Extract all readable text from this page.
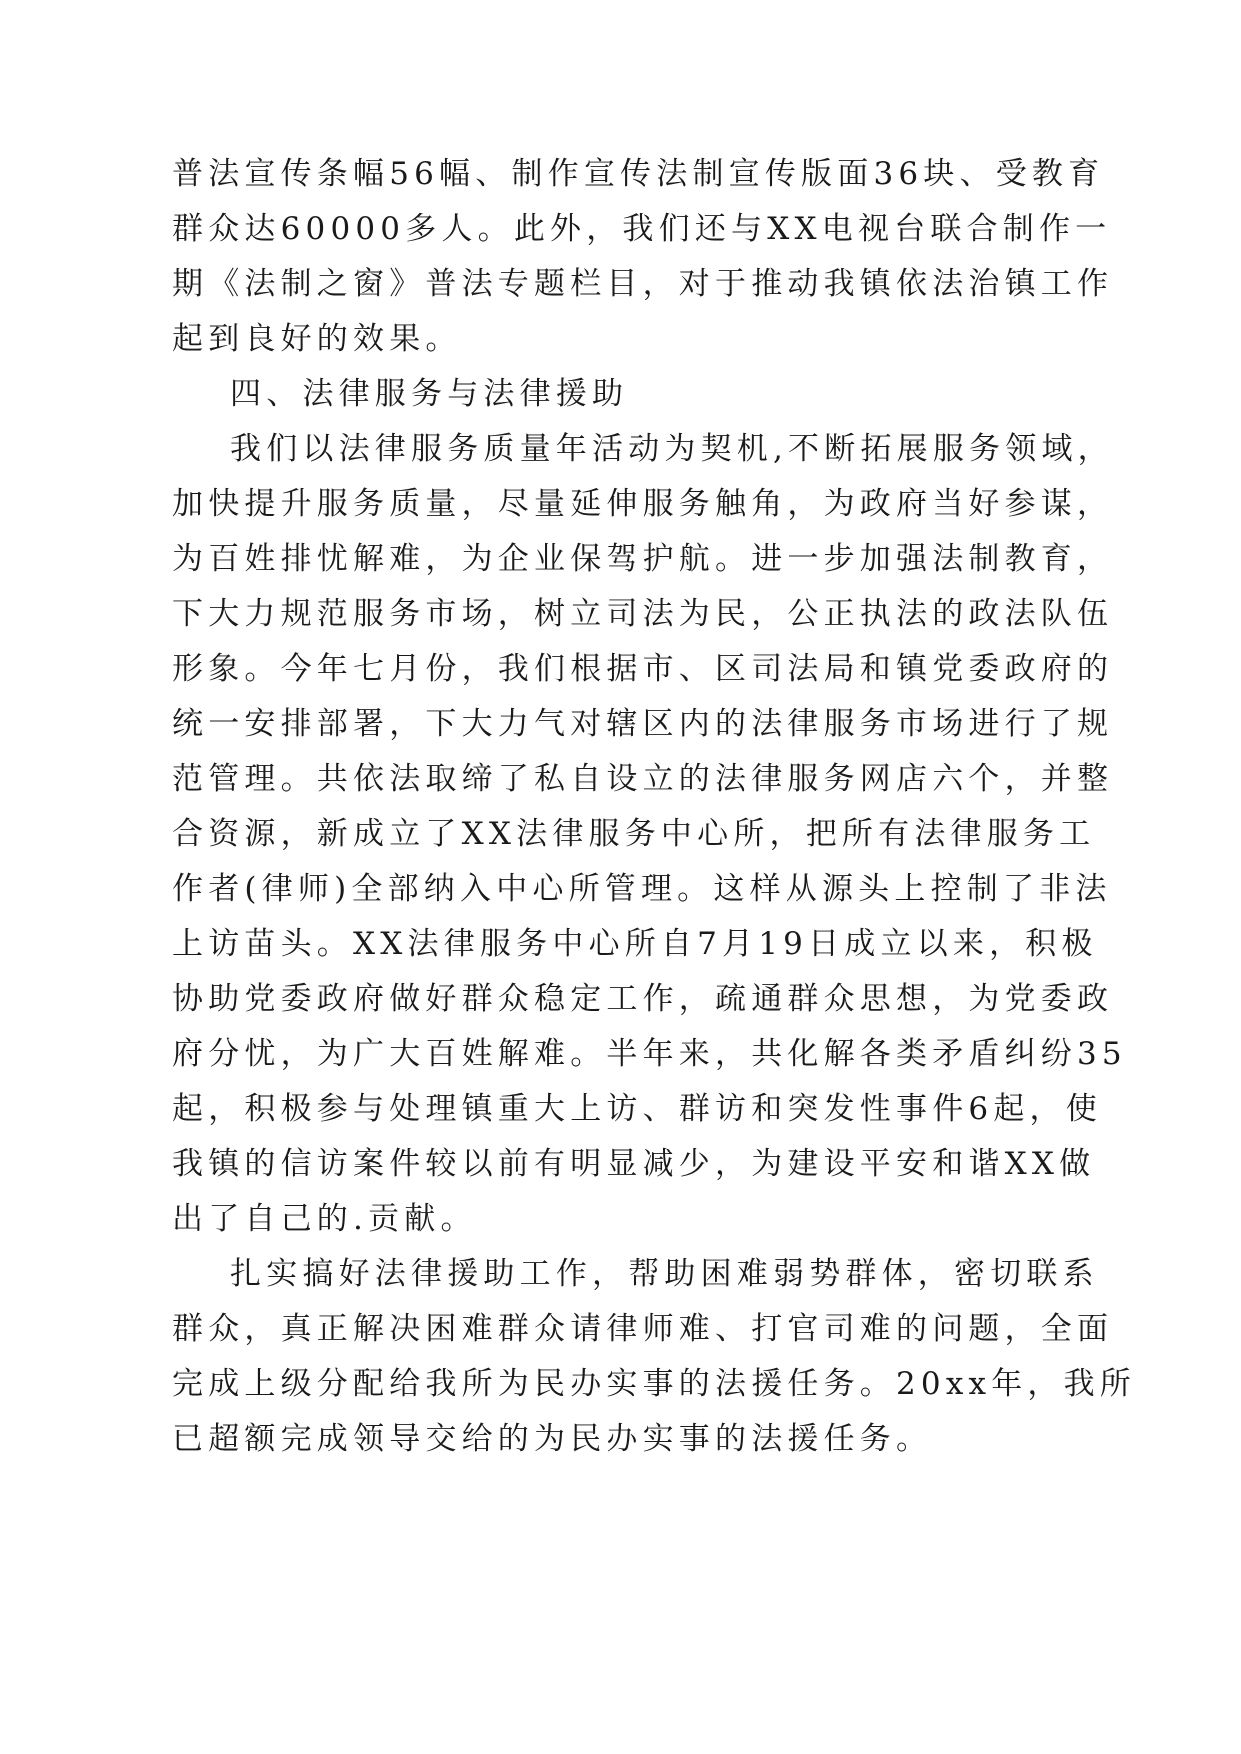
普法宣传条幅56幅、制作宣传法制宣传版面36块、受教育
群众达60000多人。此外，我们还与XX电视台联合制作一
期《法制之窗》普法专题栏目，对于推动我镇依法治镇工作
起到良好的效果。
四、法律服务与法律援助
我们以法律服务质量年活动为契机,不断拓展服务领域，
加快提升服务质量，尽量延伸服务触角，为政府当好参谋，
为百姓排忧解难，为企业保驾护航。进一步加强法制教育，
下大力规范服务市场，树立司法为民，公正执法的政法队伍
形象。今年七月份，我们根据市、区司法局和镇党委政府的
统一安排部署，下大力气对辖区内的法律服务市场进行了规
范管理。共依法取缔了私自设立的法律服务网店六个，并整
合资源，新成立了XX法律服务中心所，把所有法律服务工
作者(律师)全部纳入中心所管理。这样从源头上控制了非法
上访苗头。XX法律服务中心所自7月19日成立以来，积极
协助党委政府做好群众稳定工作，疏通群众思想，为党委政
府分忧，为广大百姓解难。半年来，共化解各类矛盾纠纷35
起，积极参与处理镇重大上访、群访和突发性事件6起，使
我镇的信访案件较以前有明显减少，为建设平安和谐XX做
出了自己的.贡献。
扎实搞好法律援助工作，帮助困难弱势群体，密切联系
群众，真正解决困难群众请律师难、打官司难的问题，全面
完成上级分配给我所为民办实事的法援任务。20xx年，我所
已超额完成领导交给的为民办实事的法援任务。
